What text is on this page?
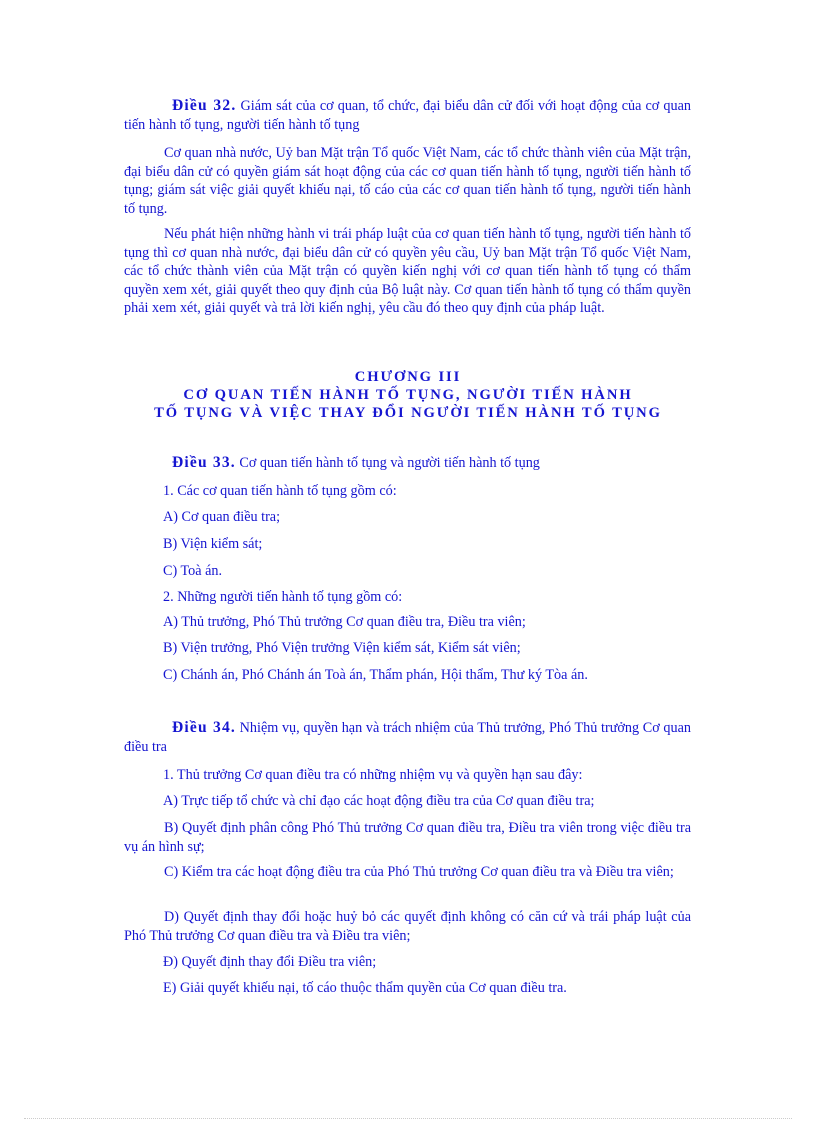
Điều 32. Giám sát của cơ quan, tổ chức, đại biểu dân cử đối với hoạt động của cơ quan tiến hành tố tụng, người tiến hành tố tụng

Cơ quan nhà nước, Uỷ ban Mặt trận Tổ quốc Việt Nam, các tổ chức thành viên của Mặt trận, đại biểu dân cử có quyền giám sát hoạt động của các cơ quan tiến hành tố tụng, người tiến hành tố tụng; giám sát việc giải quyết khiếu nại, tố cáo của các cơ quan tiến hành tố tụng, người tiến hành tố tụng.

Nếu phát hiện những hành vi trái pháp luật của cơ quan tiến hành tố tụng, người tiến hành tố tụng thì cơ quan nhà nước, đại biểu dân cử có quyền yêu cầu, Uỷ ban Mặt trận Tổ quốc Việt Nam, các tổ chức thành viên của Mặt trận có quyền kiến nghị với cơ quan tiến hành tố tụng có thẩm quyền xem xét, giải quyết theo quy định của Bộ luật này. Cơ quan tiến hành tố tụng có thẩm quyền phải xem xét, giải quyết và trả lời kiến nghị, yêu cầu đó theo quy định của pháp luật.

CHƯƠNG III

CƠ QUAN TIẾN HÀNH TỐ TỤNG, NGƯỜI TIẾN HÀNH

TỐ TỤNG VÀ VIỆC THAY ĐỔI NGƯỜI TIẾN HÀNH TỐ TỤNG

Điều 33. Cơ quan tiến hành tố tụng và người tiến hành tố tụng

1. Các cơ quan tiến hành tố tụng gồm có:

A) Cơ quan điều tra;

B) Viện kiểm sát;

C) Toà án.

2. Những người tiến hành tố tụng gồm có:

A) Thủ trưởng, Phó Thủ trưởng Cơ quan điều tra, Điều tra viên;

B) Viện trưởng, Phó Viện trưởng Viện kiểm sát, Kiểm sát viên;

C) Chánh án, Phó Chánh án Toà án, Thẩm phán, Hội thẩm, Thư ký Tòa án.

Điều 34. Nhiệm vụ, quyền hạn và trách nhiệm của Thủ trưởng, Phó Thủ trưởng Cơ quan điều tra

1. Thủ trưởng Cơ quan điều tra có những nhiệm vụ và quyền hạn sau đây:

A) Trực tiếp tổ chức và chỉ đạo các hoạt động điều tra của Cơ quan điều tra;

B) Quyết định phân công Phó Thủ trưởng Cơ quan điều tra, Điều tra viên trong việc điều tra vụ án hình sự;

C) Kiểm tra các hoạt động điều tra của Phó Thủ trưởng Cơ quan điều tra và Điều tra viên;

D) Quyết định thay đổi hoặc huỷ bỏ các quyết định không có căn cứ và trái pháp luật của Phó Thủ trưởng Cơ quan điều tra và Điều tra viên;

Đ) Quyết định thay đổi Điều tra viên;

E) Giải quyết khiếu nại, tố cáo thuộc thẩm quyền của Cơ quan điều tra.
